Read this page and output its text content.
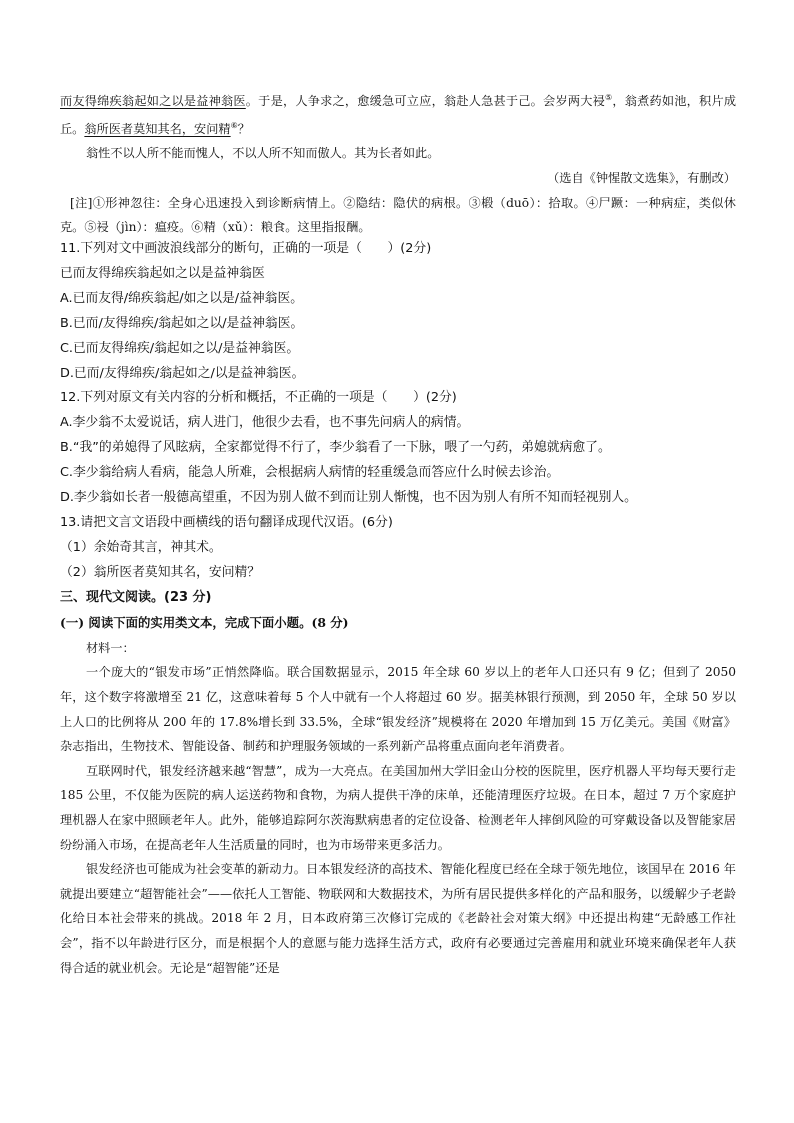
而友得绵疾翁起如之以是益神翁医。于是，人争求之，愈缓急可立应，翁赴人急甚于己。会岁两大祲⑤，翁煮药如池，积片成丘。翁所医者莫知其名，安问精⑥？

翁性不以人所不能而愧人，不以人所不知而傲人。其为长者如此。

（选自《钟惺散文选集》，有删改）

[注]①形神忽往：全身心迅速投入到诊断病情上。②隐结：隐伏的病根。③椴（duō）：拾取。④尸蹶：一种病症，类似休克。⑤祲（jìn）：瘟疫。⑥精（xǔ）：粮食。这里指报酬。

11.下列对文中画波浪线部分的断句，正确的一项是（　　）(2分)

已而友得绵疾翁起如之以是益神翁医

A.已而友得/绵疾翁起/如之以是/益神翁医。

B.已而/友得绵疾/翁起如之以/是益神翁医。

C.已而友得绵疾/翁起如之以/是益神翁医。

D.已而/友得绵疾/翁起如之/以是益神翁医。

12.下列对原文有关内容的分析和概括，不正确的一项是（　　）(2分)

A.李少翁不太爱说话，病人进门，他很少去看，也不事先问病人的病情。

B.“我”的弟媳得了风眩病，全家都觉得不行了，李少翁看了一下脉，喂了一勺药，弟媳就病愈了。

C.李少翁给病人看病，能急人所难，会根据病人病情的轻重缓急而答应什么时候去诊治。

D.李少翁如长者一般德高望重，不因为别人做不到而让别人惭愧，也不因为别人有所不知而轻视别人。

13.请把文言文语段中画横线的语句翻译成现代汉语。(6分)

（1）余始奇其言，神其术。

（2）翁所医者莫知其名，安问精？

三、现代文阅读。(23 分)

(一) 阅读下面的实用类文本，完成下面小题。(8 分)

材料一：

一个庞大的“银发市场”正悄然降临。联合国数据显示，2015 年全球 60 岁以上的老年人口还只有 9 亿；但到了 2050 年，这个数字将激增至 21 亿，这意味着每 5 个人中就有一个人将超过 60 岁。据美林银行预测，到 2050 年，全球 50 岁以上人口的比例将从 200 年的 17.8%增长到 33.5%，全球“银发经济”规模将在 2020 年增加到 15 万亿美元。美国《财富》杂志指出，生物技术、智能设备、制药和护理服务领域的一系列新产品将重点面向老年消费者。

互联网时代，银发经济越来越“智慧”，成为一大亮点。在美国加州大学旧金山分校的医院里，医疗机器人平均每天要行走 185 公里，不仅能为医院的病人运送药物和食物，为病人提供干净的床单，还能清理医疗垃圾。在日本，超过 7 万个家庭护理机器人在家中照顾老年人。此外，能够追踪阿尔茨海默病患者的定位设备、检测老年人摔倒风险的可穿戴设备以及智能家居纷纷涌入市场，在提高老年人生活质量的同时，也为市场带来更多活力。

银发经济也可能成为社会变革的新动力。日本银发经济的高技术、智能化程度已经在全球于领先地位，该国早在 2016 年就提出要建立“超智能社会”——依托人工智能、物联网和大数据技术，为所有居民提供多样化的产品和服务，以缓解少子老龄化给日本社会带来的挑战。2018 年 2 月，日本政府第三次修订完成的《老龄社会对策大纲》中还提出构建“无龄感工作社会”，指不以年龄进行区分，而是根据个人的意愿与能力选择生活方式，政府有必要通过完善雇用和就业环境来确保老年人获得合适的就业机会。无论是“超智能”还是
